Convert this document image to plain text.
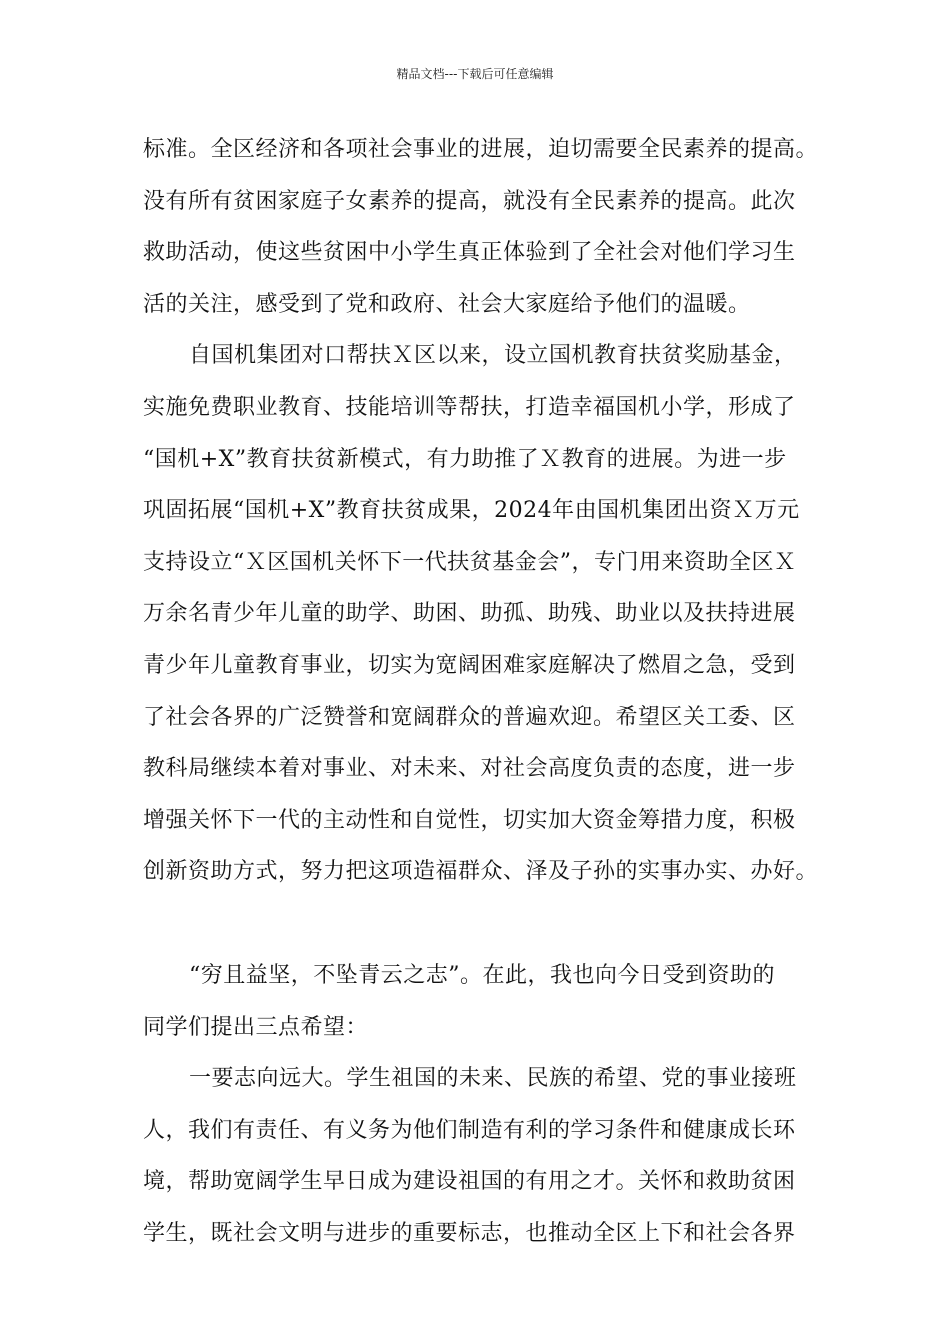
精品文档---下载后可任意编辑
标准。全区经济和各项社会事业的进展，迫切需要全民素养的提高。
没有所有贫困家庭子女素养的提高，就没有全民素养的提高。此次
救助活动，使这些贫困中小学生真正体验到了全社会对他们学习生
活的关注，感受到了党和政府、社会大家庭给予他们的温暖。
自国机集团对口帮扶Ｘ区以来，设立国机教育扶贫奖励基金，
实施免费职业教育、技能培训等帮扶，打造幸福国机小学，形成了
“国机+X”教育扶贫新模式，有力助推了Ｘ教育的进展。为进一步
巩固拓展“国机+X”教育扶贫成果，2024年由国机集团出资Ｘ万元
支持设立“Ｘ区国机关怀下一代扶贫基金会”，专门用来资助全区Ｘ
万余名青少年儿童的助学、助困、助孤、助残、助业以及扶持进展
青少年儿童教育事业，切实为宽阔困难家庭解决了燃眉之急，受到
了社会各界的广泛赞誉和宽阔群众的普遍欢迎。希望区关工委、区
教科局继续本着对事业、对未来、对社会高度负责的态度，进一步
增强关怀下一代的主动性和自觉性，切实加大资金筹措力度，积极
创新资助方式，努力把这项造福群众、泽及子孙的实事办实、办好。
“穷且益坚，不坠青云之志”。在此，我也向今日受到资助的
同学们提出三点希望：
一要志向远大。学生祖国的未来、民族的希望、党的事业接班
人，我们有责任、有义务为他们制造有利的学习条件和健康成长环
境，帮助宽阔学生早日成为建设祖国的有用之才。关怀和救助贫困
学生，既社会文明与进步的重要标志，也推动全区上下和社会各界
